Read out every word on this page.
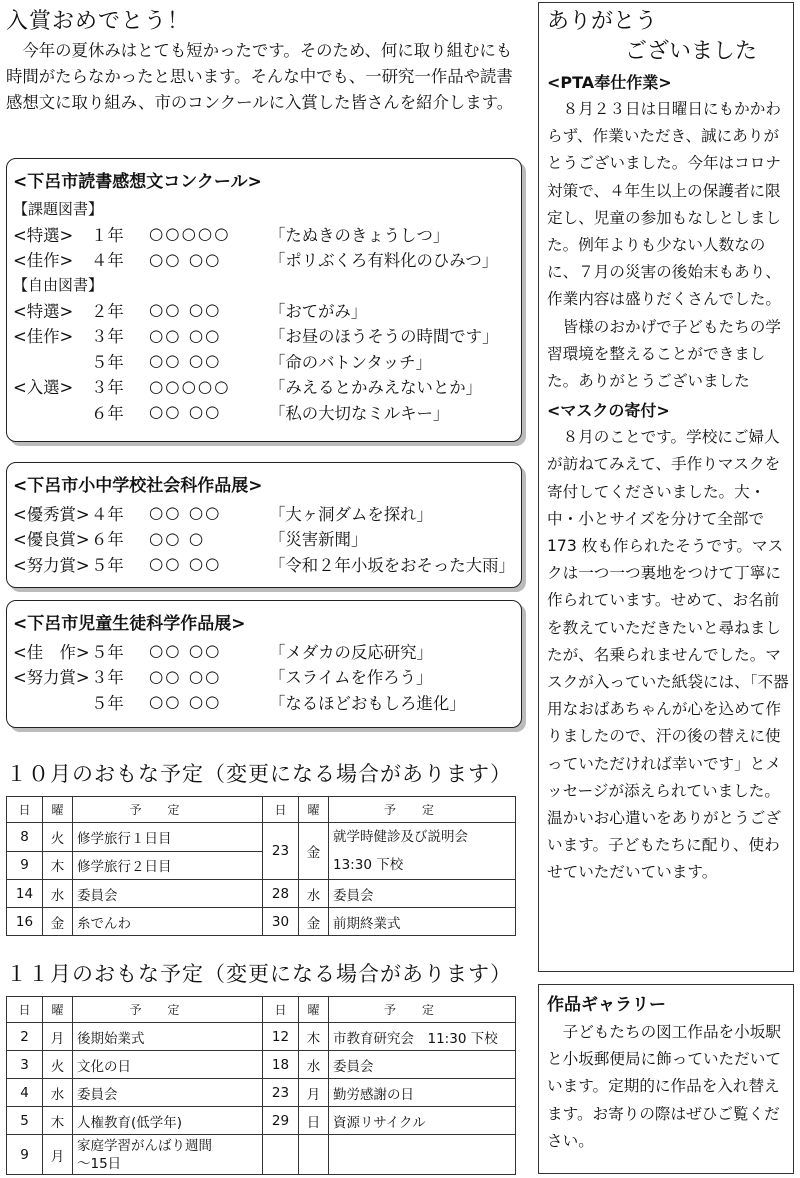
入賞おめでとう！

今年の夏休みはとても短かったです。そのため、何に取り組むにも時間がたらなかったと思います。そんな中でも、一研究一作品や読書感想文に取り組み、市のコンクールに入賞した皆さんを紹介します。

<下呂市読書感想文コンクール>
【課題図書】
<特選>	１年	○○○○○	「たぬきのきょうしつ」
<佳作>	４年	○○ ○○	「ポリぶくろ有料化のひみつ」
【自由図書】
<特選>	２年	○○ ○○	「おてがみ」
<佳作>	３年	○○ ○○	「お昼のほうそうの時間です」
５年	○○ ○○	「命のバトンタッチ」
<入選>	３年	○○○○○	「みえるとかみえないとか」
６年	○○ ○○	「私の大切なミルキー」
<下呂市小中学校社会科作品展>
<優秀賞> ４年	○○ ○○	「大ヶ洞ダムを探れ」
<優良賞> ６年	○○ ○	「災害新聞」
<努力賞> ５年	○○ ○○	「令和２年小坂をおそった大雨」
<下呂市児童生徒科学作品展>
<佳　作> ５年	○○ ○○	「メダカの反応研究」
<努力賞> ３年	○○ ○○	「スライムを作ろう」
５年	○○ ○○	「なるほどおもしろ進化」
１０月のおもな予定（変更になる場合があります）
日	曜	予定	日	曜	予定
8	火	修学旅行１日目	23	金	就学時健診及び説明会
13:30 下校

9	木	修学旅行２日目			
14	水	委員会	28	水	委員会
16	金	糸でんわ	30	金	前期終業式
１１月のおもな予定（変更になる場合があります）
日	曜	予定	日	曜	予定
2	月	後期始業式	12	木	市教育研究会　11:30 下校
3	火	文化の日	18	水	委員会
4	水	委員会	23	月	勤労感謝の日
5	木	人権教育(低学年)	29	日	資源リサイクル
9	月	家庭学習がんばり週間
～15日			

ありがとう
ございました
<PTA奉仕作業>

８月２３日は日曜日にもかかわらず、作業いただき、誠にありがとうございました。今年はコロナ対策で、４年生以上の保護者に限定し、児童の参加もなしとしました。例年よりも少ない人数なのに、７月の災害の後始末もあり、作業内容は盛りだくさんでした。

皆様のおかげで子どもたちの学習環境を整えることができました。ありがとうございました

<マスクの寄付>

８月のことです。学校にご婦人が訪ねてみえて、手作りマスクを寄付してくださいました。大・中・小とサイズを分けて全部で 173 枚も作られたそうです。マスクは一つ一つ裏地をつけて丁寧に作られています。せめて、お名前を教えていただきたいと尋ねましたが、名乗られませんでした。マスクが入っていた紙袋には、「不器用なおばあちゃんが心を込めて作りましたので、汗の後の替えに使っていただければ幸いです」とメッセージが添えられていました。温かいお心遣いをありがとうございます。子どもたちに配り、使わせていただいています。

作品ギャラリー

子どもたちの図工作品を小坂駅と小坂郵便局に飾っていただいています。定期的に作品を入れ替えます。お寄りの際はぜひご覧ください。
